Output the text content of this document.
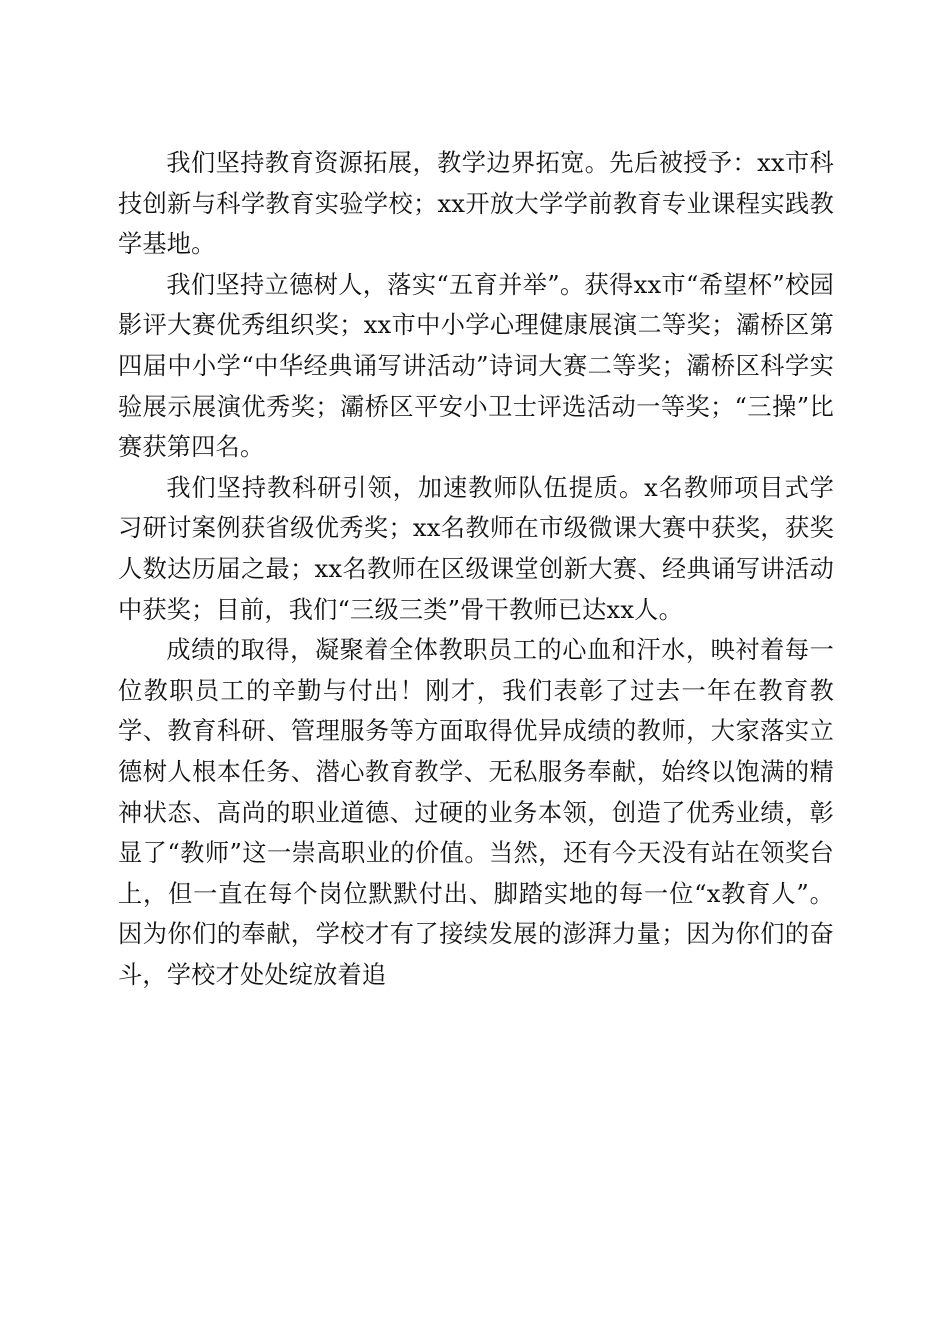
我们坚持教育资源拓展，教学边界拓宽。先后被授予：xx市科技创新与科学教育实验学校；xx开放大学学前教育专业课程实践教学基地。

我们坚持立德树人，落实“五育并举”。获得xx市“希望杯”校园影评大赛优秀组织奖；xx市中小学心理健康展演二等奖；灞桥区第四届中小学“中华经典诵写讲活动”诗词大赛二等奖；灞桥区科学实验展示展演优秀奖；灞桥区平安小卫士评选活动一等奖；“三操”比赛获第四名。

我们坚持教科研引领，加速教师队伍提质。x名教师项目式学习研讨案例获省级优秀奖；xx名教师在市级微课大赛中获奖，获奖人数达历届之最；xx名教师在区级课堂创新大赛、经典诵写讲活动中获奖；目前，我们“三级三类”骨干教师已达xx人。

成绩的取得，凝聚着全体教职员工的心血和汗水，映衬着每一位教职员工的辛勤与付出！刚才，我们表彰了过去一年在教育教学、教育科研、管理服务等方面取得优异成绩的教师，大家落实立德树人根本任务、潜心教育教学、无私服务奉献，始终以饱满的精神状态、高尚的职业道德、过硬的业务本领，创造了优秀业绩，彰显了“教师”这一崇高职业的价值。当然，还有今天没有站在领奖台上，但一直在每个岗位默默付出、脚踏实地的每一位“x教育人”。因为你们的奉献，学校才有了接续发展的澎湃力量；因为你们的奋斗，学校才处处绽放着追
